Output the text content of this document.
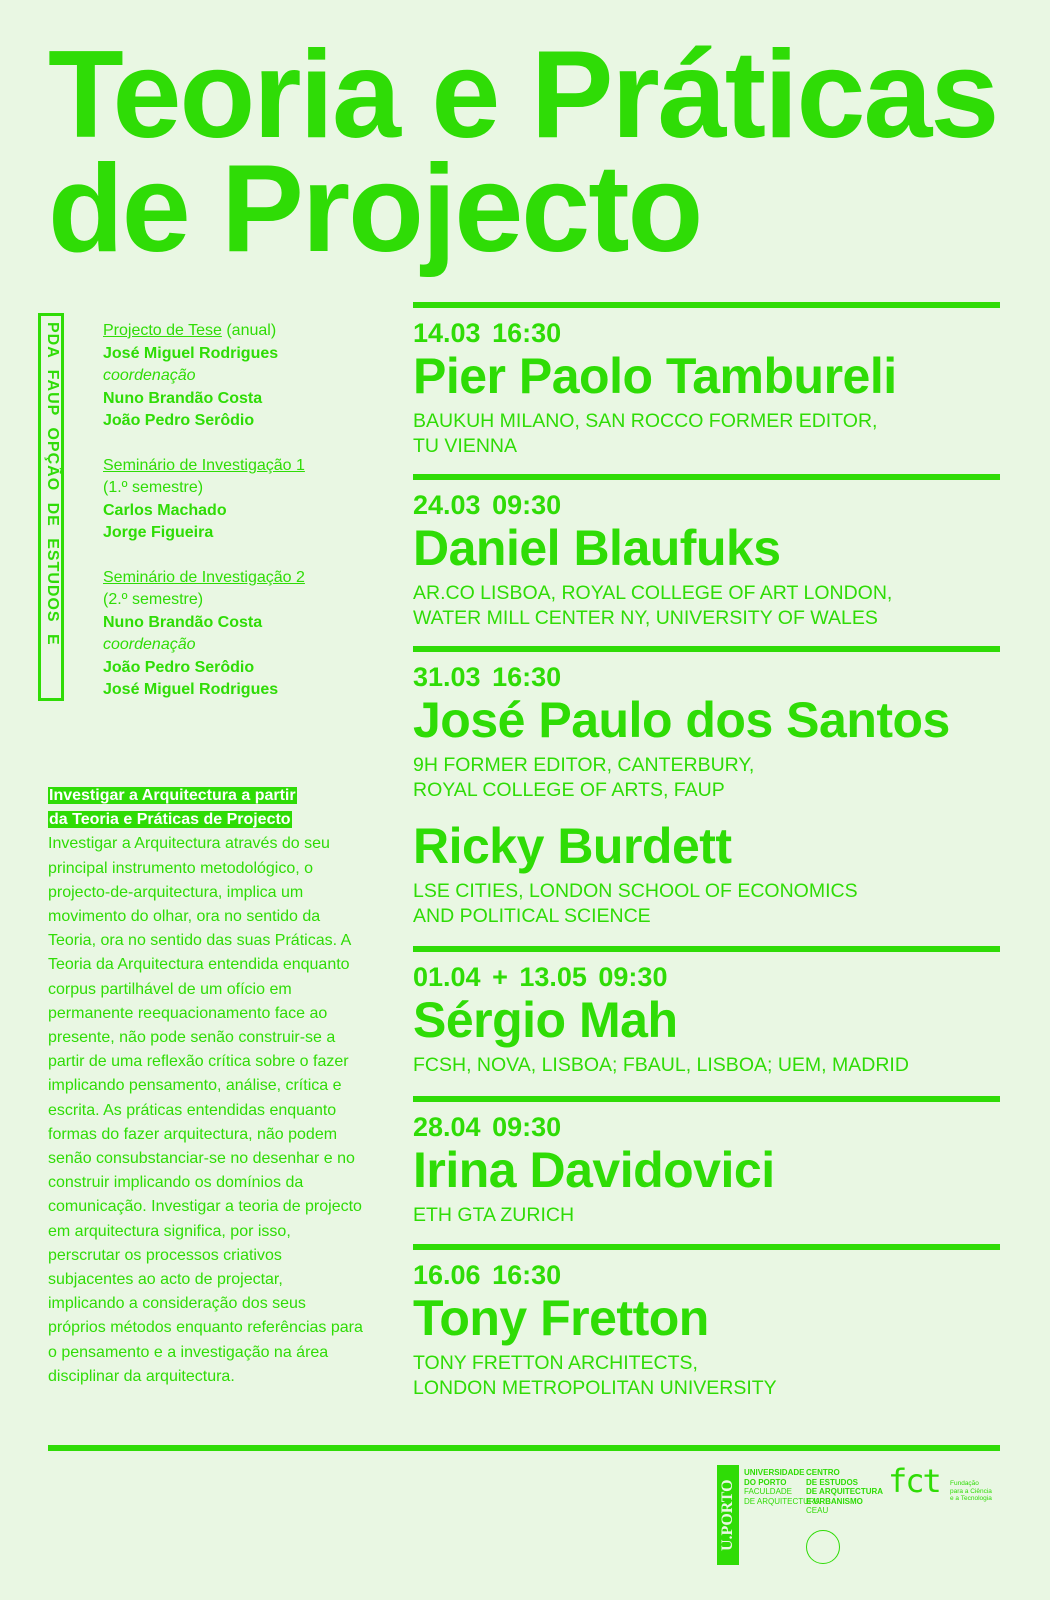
Teoria e Práticas
de Projecto
PDA FAUP OPÇÃO DE ESTUDOS E	Projecto de Tese (anual)
José Miguel Rodrigues
coordenação
Nuno Brandão Costa
João Pedro Serôdio
Seminário de Investigação 1
(1.º semestre)
Carlos Machado
Jorge Figueira
Seminário de Investigação 2
(2.º semestre)
Nuno Brandão Costa
coordenação
João Pedro Serôdio
José Miguel Rodrigues
Investigar a Arquitectura a partir
da Teoria e Práticas de Projecto

Investigar a Arquitectura através do seu principal instrumento metodológico, o projecto-de-arquitectura, implica um movimento do olhar, ora no sentido da Teoria, ora no sentido das suas Práticas. A Teoria da Arquitectura entendida enquanto corpus partilhável de um ofício em permanente reequacionamento face ao presente, não pode senão construir-se a partir de uma reflexão crítica sobre o fazer implicando pensamento, análise, crítica e escrita. As práticas entendidas enquanto formas do fazer arquitectura, não podem senão consubstanciar-se no desenhar e no construir implicando os domínios da comunicação. Investigar a teoria de projecto em arquitectura significa, por isso, perscrutar os processos criativos subjacentes ao acto de projectar, implicando a consideração dos seus próprios métodos enquanto referências para o pensamento e a investigação na área disciplinar da arquitectura.

14.03 16:30
Pier Paolo Tambureli
BAUKUH MILANO, SAN ROCCO FORMER EDITOR,
TU VIENNA
24.03 09:30
Daniel Blaufuks
AR.CO LISBOA, ROYAL COLLEGE OF ART LONDON,
WATER MILL CENTER NY, UNIVERSITY OF WALES
31.03 16:30
José Paulo dos Santos
9H FORMER EDITOR, CANTERBURY,
ROYAL COLLEGE OF ARTS, FAUP
Ricky Burdett
LSE CITIES, LONDON SCHOOL OF ECONOMICS
AND POLITICAL SCIENCE
01.04 + 13.05 09:30
Sérgio Mah
FCSH, NOVA, LISBOA; FBAUL, LISBOA; UEM, MADRID
28.04 09:30
Irina Davidovici
ETH GTA ZURICH
16.06 16:30
Tony Fretton
TONY FRETTON ARCHITECTS,
LONDON METROPOLITAN UNIVERSITY
U.PORTO
UNIVERSIDADE
DO PORTO
FACULDADE
DE ARQUITECTURA
CENTRO
DE ESTUDOS
DE ARQUITECTURA
E URBANISMO
CEAU
fct Fundação
para a Ciência
e a Tecnologia
